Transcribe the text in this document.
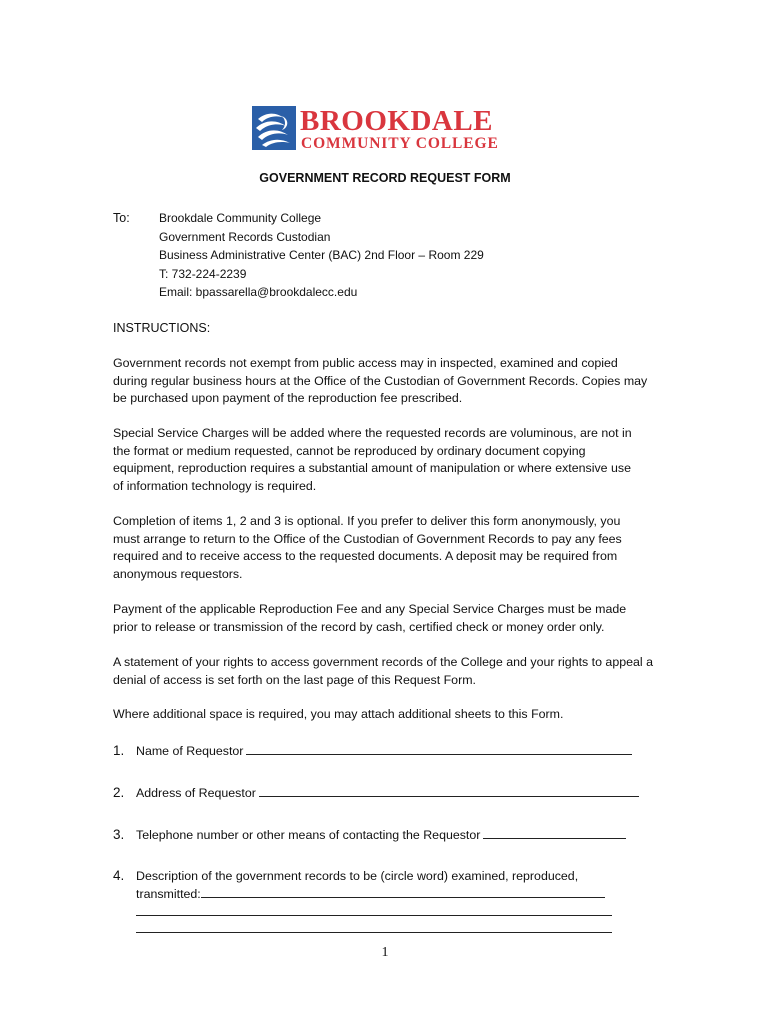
BROOKDALE
COMMUNITY COLLEGE
GOVERNMENT RECORD REQUEST FORM
To: Brookdale Community College
Government Records Custodian
Business Administrative Center (BAC) 2nd Floor – Room 229
T: 732-224-2239
Email: bpassarella@brookdalecc.edu
INSTRUCTIONS:
Government records not exempt from public access may in inspected, examined and copied
during regular business hours at the Office of the Custodian of Government Records. Copies may
be purchased upon payment of the reproduction fee prescribed.
Special Service Charges will be added where the requested records are voluminous, are not in
the format or medium requested, cannot be reproduced by ordinary document copying
equipment, reproduction requires a substantial amount of manipulation or where extensive use
of information technology is required.
Completion of items 1, 2 and 3 is optional. If you prefer to deliver this form anonymously, you
must arrange to return to the Office of the Custodian of Government Records to pay any fees
required and to receive access to the requested documents. A deposit may be required from
anonymous requestors.
Payment of the applicable Reproduction Fee and any Special Service Charges must be made
prior to release or transmission of the record by cash, certified check or money order only.
A statement of your rights to access government records of the College and your rights to appeal a
denial of access is set forth on the last page of this Request Form.
Where additional space is required, you may attach additional sheets to this Form.
1. Name of Requestor
2. Address of Requestor
3. Telephone number or other means of contacting the Requestor
4. Description of the government records to be (circle word) examined, reproduced,
transmitted:
1
